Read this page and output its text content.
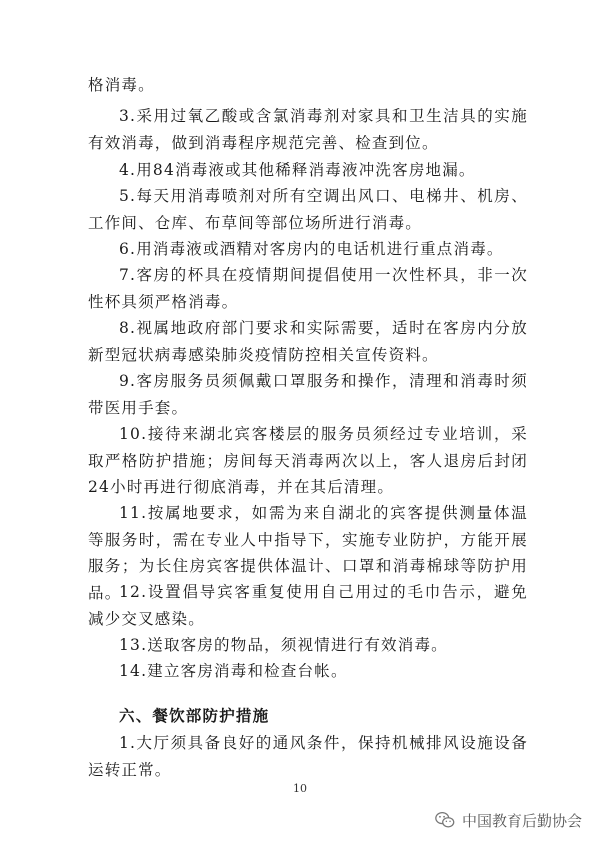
格消毒。

3.采用过氧乙酸或含氯消毒剂对家具和卫生洁具的实施有效消毒，做到消毒程序规范完善、检查到位。

4.用84消毒液或其他稀释消毒液冲洗客房地漏。

5.每天用消毒喷剂对所有空调出风口、电梯井、机房、工作间、仓库、布草间等部位场所进行消毒。

6.用消毒液或酒精对客房内的电话机进行重点消毒。

7.客房的杯具在疫情期间提倡使用一次性杯具，非一次性杯具须严格消毒。

8.视属地政府部门要求和实际需要，适时在客房内分放新型冠状病毒感染肺炎疫情防控相关宣传资料。

9.客房服务员须佩戴口罩服务和操作，清理和消毒时须带医用手套。

10.接待来湖北宾客楼层的服务员须经过专业培训，采取严格防护措施；房间每天消毒两次以上，客人退房后封闭24小时再进行彻底消毒，并在其后清理。

11.按属地要求，如需为来自湖北的宾客提供测量体温等服务时，需在专业人中指导下，实施专业防护，方能开展服务；为长住房宾客提供体温计、口罩和消毒棉球等防护用品。

12.设置倡导宾客重复使用自己用过的毛巾告示，避免减少交叉感染。

13.送取客房的物品，须视情进行有效消毒。

14.建立客房消毒和检查台帐。

六、餐饮部防护措施

1.大厅须具备良好的通风条件，保持机械排风设施设备运转正常。

10
中国教育后勤协会
